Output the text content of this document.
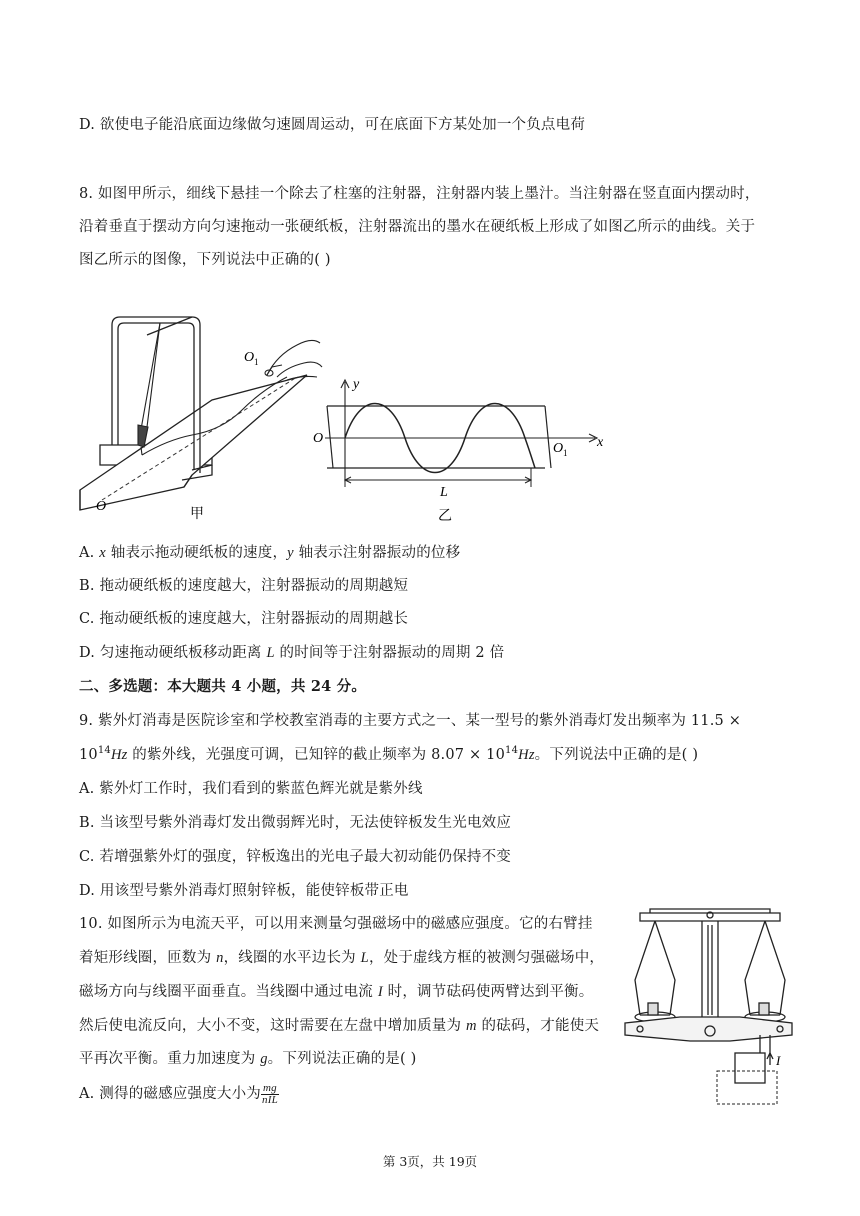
D. 欲使电子能沿底面边缘做匀速圆周运动，可在底面下方某处加一个负点电荷
8. 如图甲所示，细线下悬挂一个除去了柱塞的注射器，注射器内装上墨汁。当注射器在竖直面内摆动时，
沿着垂直于摆动方向匀速拖动一张硬纸板，注射器流出的墨水在硬纸板上形成了如图乙所示的曲线。关于
图乙所示的图像，下列说法中正确的( )
O 1
O	甲
y
O
O 1
x
L
乙
A. x 轴表示拖动硬纸板的速度，y 轴表示注射器振动的位移
B. 拖动硬纸板的速度越大，注射器振动的周期越短
C. 拖动硬纸板的速度越大，注射器振动的周期越长
D. 匀速拖动硬纸板移动距离 L 的时间等于注射器振动的周期 2 倍
二、多选题：本大题共 4 小题，共 24 分。
9. 紫外灯消毒是医院诊室和学校教室消毒的主要方式之一、某一型号的紫外消毒灯发出频率为 11.5 ×
$10^{14}Hz$ 的紫外线，光强度可调，已知锌的截止频率为 $8.07 \times 10^{14}Hz$。下列说法中正确的是( )
A. 紫外灯工作时，我们看到的紫蓝色辉光就是紫外线
B. 当该型号紫外消毒灯发出微弱辉光时，无法使锌板发生光电效应
C. 若增强紫外灯的强度，锌板逸出的光电子最大初动能仍保持不变
D. 用该型号紫外消毒灯照射锌板，能使锌板带正电
10. 如图所示为电流天平，可以用来测量匀强磁场中的磁感应强度。它的右臂挂
着矩形线圈，匝数为 n，线圈的水平边长为 L，处于虚线方框的被测匀强磁场中，
磁场方向与线圈平面垂直。当线圈中通过电流 I 时，调节砝码使两臂达到平衡。
然后使电流反向，大小不变，这时需要在左盘中增加质量为 m 的砝码，才能使天
平再次平衡。重力加速度为 g。下列说法正确的是( )
A. 测得的磁感应强度大小为 $\frac{mg}{\text{nIL}}$
I
第 3页，共 19页
